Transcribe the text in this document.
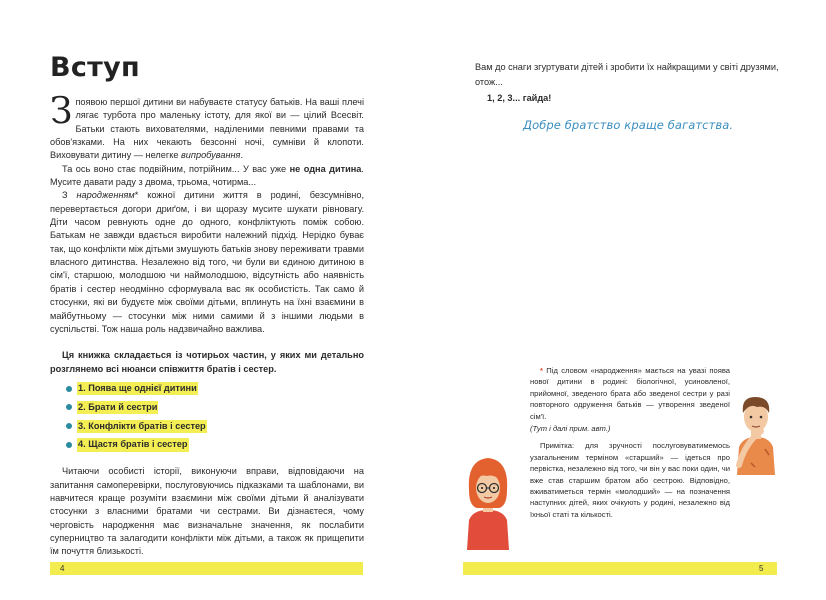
Вступ

Зпоявою першої дитини ви набуваєте статусу батьків. На ваші плечі лягає турбота про маленьку істоту, для якої ви — цілий Всесвіт. Батьки стають вихователями, наділеними певними правами та обов'язками. На них чекають безсонні ночі, сумніви й клопоти. Виховувати дитину — нелегке випробування.

Та ось воно стає подвійним, потрійним... У вас уже не одна дитина. Мусите давати раду з двома, трьома, чотирма...

З народженням* кожної дитини життя в родині, безсумнівно, перевертається догори дриґом, і ви щоразу мусите шукати рівновагу. Діти часом ревнують одне до одного, конфліктують поміж собою. Батькам не завжди вдається виробити належний підхід. Нерідко буває так, що конфлікти між дітьми змушують батьків знову переживати травми власного дитинства. Незалежно від того, чи були ви єдиною дитиною в сім'ї, старшою, молодшою чи наймолодшою, відсутність або наявність братів і сестер неодмінно сформувала вас як особистість. Так само й стосунки, які ви будуєте між своїми дітьми, вплинуть на їхні взаємини в майбутньому — стосунки між ними самими й з іншими людьми в суспільстві. Тож наша роль надзвичайно важлива.

Ця книжка складається із чотирьох частин, у яких ми детально розглянемо всі нюанси співжиття братів і сестер.

1. Поява ще однієї дитини
2. Брати й сестри
3. Конфлікти братів і сестер
4. Щастя братів і сестер

Читаючи особисті історії, виконуючи вправи, відповідаючи на запитання самоперевірки, послуговуючись підказками та шаблонами, ви навчитеся краще розуміти взаємини між своїми дітьми й аналізувати стосунки з власними братами чи сестрами. Ви дізнаєтеся, чому черговість народження має визначальне значення, як послабити суперництво та залагодити конфлікти між дітьми, а також як прищепити їм почуття близькості.

4

Вам до снаги згуртувати дітей і зробити їх найкращими у світі друзями, отож...

1, 2, 3... гайда!

Добре братство краще багатства.

* Під словом «народження» мається на увазі поява нової дитини в родині: біологічної, усиновленої, прийомної, зведеного брата або зведеної сестри у разі повторного одруження батьків — утворення зведеної сім'ї.

(Тут і далі прим. авт.)

Примітка: для зручності послуговуватимемось узагальненим терміном «старший» — ідеться про первістка, незалежно від того, чи він у вас поки один, чи вже став старшим братом або сестрою. Відповідно, вживатиметься термін «молодший» — на позначення наступних дітей, яких очікують у родині, незалежно від їхньої статі та кількості.

5
